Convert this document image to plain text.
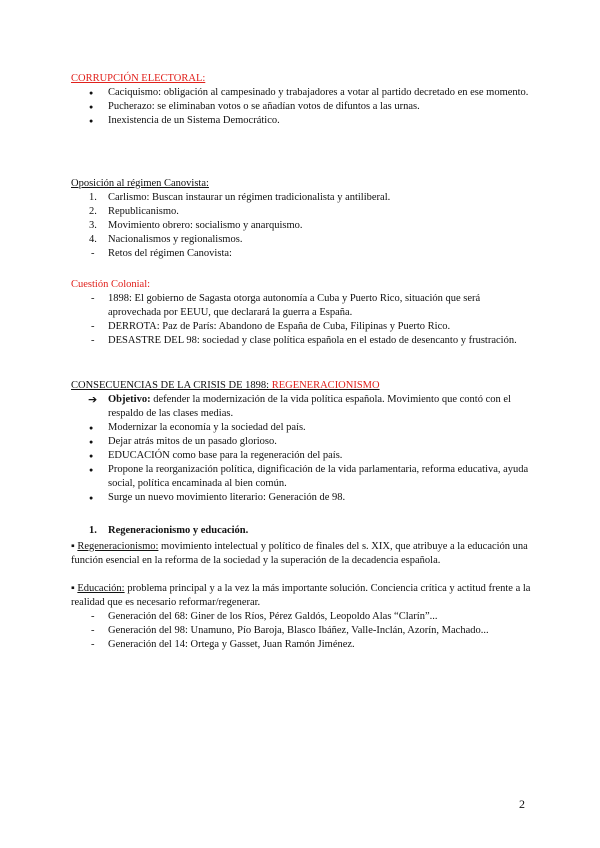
CORRUPCIÓN ELECTORAL:

Caciquismo: obligación al campesinado y trabajadores a votar al partido decretado en ese momento.
Pucherazo: se eliminaban votos o se añadían votos de difuntos a las urnas.
Inexistencia de un Sistema Democrático.

Oposición al régimen Canovista:

1.	Carlismo: Buscan instaurar un régimen tradicionalista y antiliberal.
2.	Republicanismo.
3.	Movimiento obrero: socialismo y anarquismo.
4.	Nacionalismos y regionalismos.
-	Retos del régimen Canovista:

Cuestión Colonial:

-	1898: El gobierno de Sagasta otorga autonomía a Cuba y Puerto Rico, situación que será aprovechada por EEUU, que declarará la guerra a España.
-	DERROTA: Paz de París: Abandono de España de Cuba, Filipinas y Puerto Rico.
-	DESASTRE DEL 98: sociedad y clase política española en el estado de desencanto y frustración.

CONSECUENCIAS DE LA CRISIS DE 1898: REGENERACIONISMO

➔	Objetivo: defender la modernización de la vida política española. Movimiento que contó con el respaldo de las clases medias.
Modernizar la economía y la sociedad del país.
Dejar atrás mitos de un pasado glorioso.
EDUCACIÓN como base para la regeneración del país.
Propone la reorganización política, dignificación de la vida parlamentaria, reforma educativa, ayuda social, política encaminada al bien común.
Surge un nuevo movimiento literario: Generación de 98.

1.	Regeneracionismo y educación.

▪ Regeneracionismo: movimiento intelectual y político de finales del s. XIX, que atribuye a la educación una función esencial en la reforma de la sociedad y la superación de la decadencia española.

▪ Educación: problema principal y a la vez la más importante solución. Conciencia crítica y actitud frente a la realidad que es necesario reformar/regenerar.

-	Generación del 68: Giner de los Ríos, Pérez Galdós, Leopoldo Alas “Clarín”...
-	Generación del 98: Unamuno, Pío Baroja, Blasco Ibáñez, Valle-Inclán, Azorín, Machado...
-	Generación del 14: Ortega y Gasset, Juan Ramón Jiménez.
2
